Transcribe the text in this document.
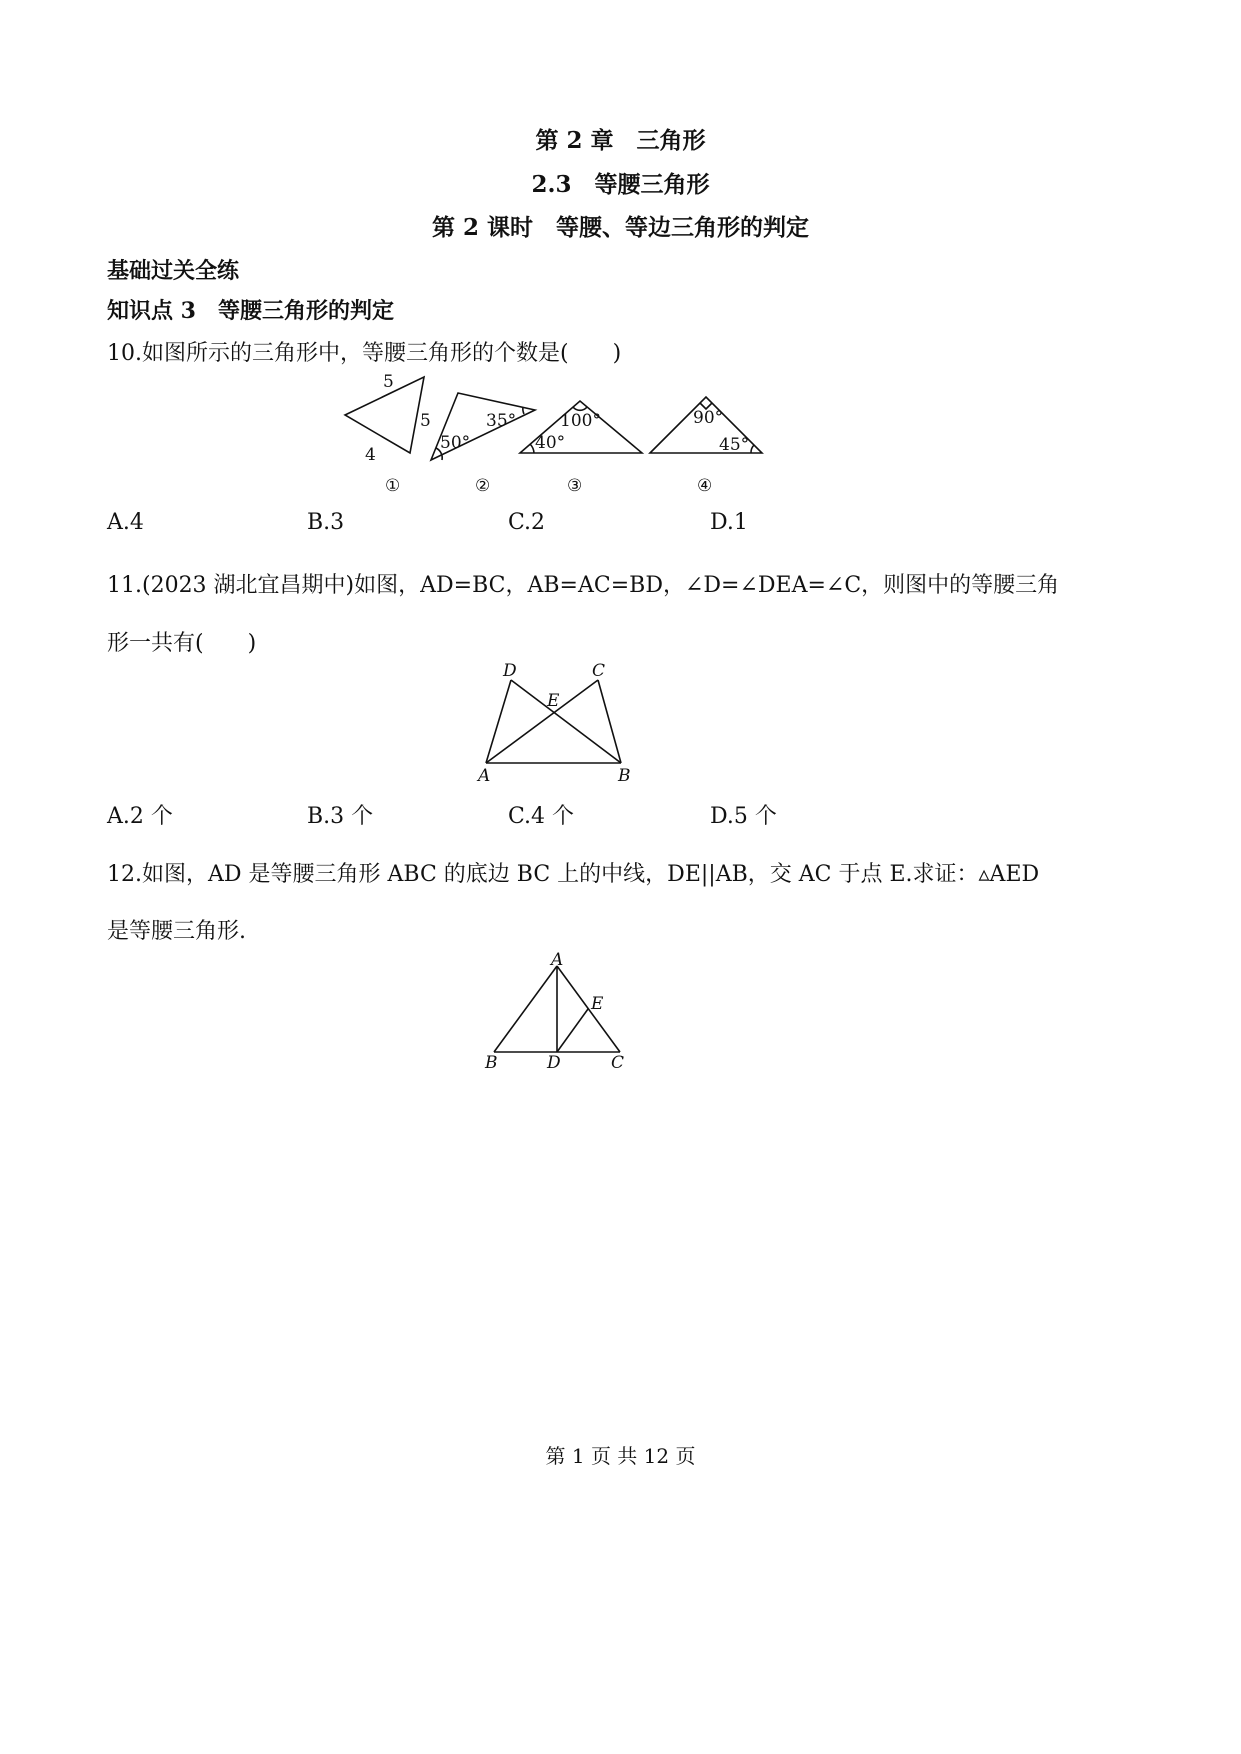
第 2 章　三角形
2.3　等腰三角形
第 2 课时　等腰、等边三角形的判定
基础过关全练
知识点 3　等腰三角形的判定
10.如图所示的三角形中，等腰三角形的个数是(　　)
5
5
4
①
50°
35°
②
100°
40°
③
90°
45°
④
A.4	B.3	C.2	D.1
11.(2023 湖北宜昌期中)如图，AD=BC，AB=AC=BD，∠D=∠DEA=∠C，则图中的等腰三角
形一共有(　　)
A	B
C
D
E
A.2 个	B.3 个	C.4 个	D.5 个
12.如图，AD 是等腰三角形 ABC 的底边 BC 上的中线，DE||AB，交 AC 于点 E.求证：▵AED
是等腰三角形.
A
B	C
D
E
第 1 页 共 12 页
